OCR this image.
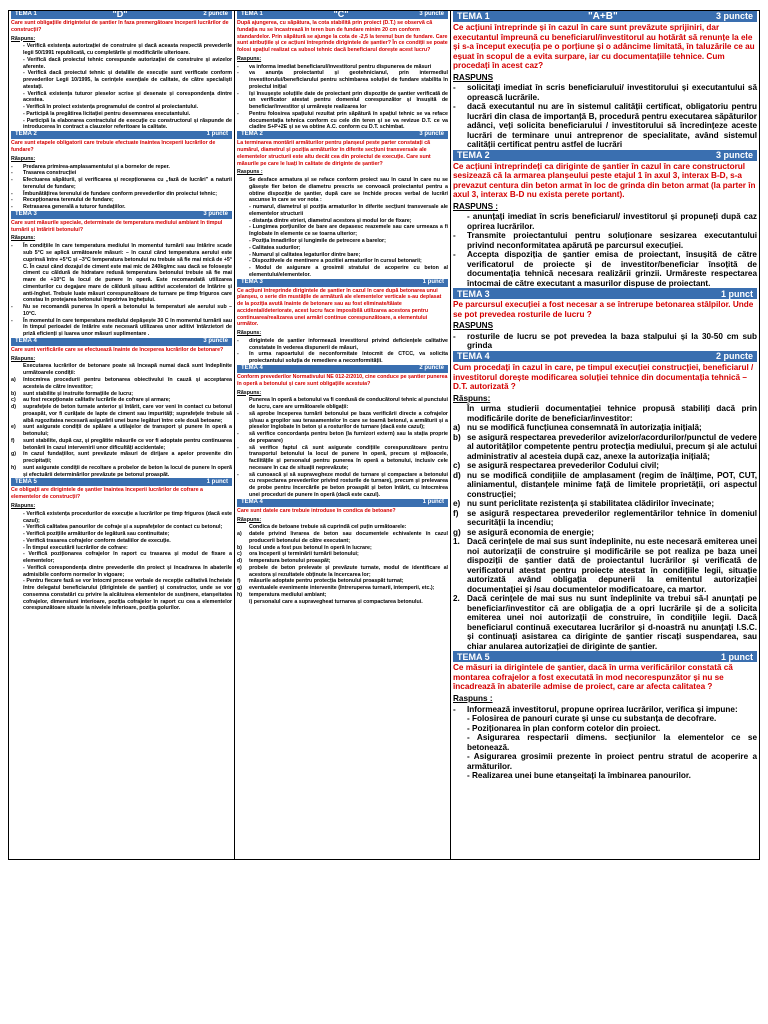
TEMA 1	"D"	2 puncte
Care sunt obligațiile dirigintelui de șantier în faza premergătoare începerii lucrărilor de construcții?
Răspuns:
- Verifică existența autorizației de construire și dacă aceasta respectă prevederile legii 50/1991 republicată, cu completările și modificările ulterioare.
- Verifică dacă proiectul tehnic corespunde autorizației de construire și avizelor aferente.
- Verifică dacă proiectul tehnic și detaliile de execuție sunt verificate conform prevederilor Legii 10/1995, la cerințele esențiale de calitate, de către specialiști atestați.
- Verifică existența tuturor pieselor scrise și desenate și corespondența dintre acestea.
- Verifică în proiect existența programului de control al proiectantului.
- Participă la pregătirea licitației pentru desemnarea executantului.
- Participă la elaborarea contractului de execuție cu constructorul și răspunde de introducerea în contract a clauzelor referitoare la calitate.
TEMA 2	1 punct
Care sunt etapele obligatorii care trebuie efectuate înaintea începerii lucrărilor de fundare?
Răspuns:
-	Predarea primirea-amplasamentului și a bornelor de reper.
-	Trasarea construcției
-	Efectuarea săpăturii, și verificarea și recepționarea cu „fază de lucrări” a naturii terenului de fundare;
-	Îmbunătățirea terenului de fundare conform prevederilor din proiectul tehnic;
-	Recepționarea terenului de fundare;
-	Retrasarea generală a tuturor fundațiilor.
TEMA 3	3 puncte
Care sunt măsurile speciale, determinate de temperatura mediului ambiant în timpul turnării și întăririi betonului?
Răspuns:
-	În condițiile în care temperatura mediului în momentul turnării sau întărire scade sub 5°C se aplică următoarele măsuri: – în cazul când temperatura aerului este cuprinsă între +5°C și –3°C temperatura betonului nu trebuie să fie mai mică de +5° C. În cazul când dozajul de ciment este mai mic de 240kg/mc sau dacă se folosește ciment cu căldură de hidratare redusă temperatura betonului trebuie să fie mai mare de +10°C la locul de punere în operă. Este recomandată utilizarea cimenturilor cu degajare mare de căldură și/sau aditivi acceleratori de întărire și anti-înghet. Trebuie luate măsuri corespunzătoare de turnare pe timp friguros care constau în protejarea betonului împotriva înghețului.
-	Nu se recomandă punerea în operă a betonului la temperaturi ale aerului sub –10°C.
-	În momentul în care temperatura mediului depășește 30 C în momentul turnării sau în timpul perioadei de întărire este necesară utilizarea unor aditivi întârzietori de priză eficienți și luarea unor măsuri suplimentare .
TEMA 4	3 puncte
Care sunt verificările care se efectuează înainte de începerea lucrărilor de betonare?
Răspuns:
Executarea lucrărilor de betonare poate să înceapă numai dacă sunt îndeplinite următoarele condiții:
a)	întocmirea procedurii pentru betonarea obiectivului în cauză și acceptarea acesteia de către investitor;
b)	sunt stabilite și instruite formațiile de lucru;
c)	au fost recepționate calitativ lucrările de cofrare și armare;
d)	suprafețele de beton turnate anterior și întărit, care vor veni în contact cu betonul proaspăt, vor fi curățate de lapte de ciment sau impurități; suprafețele trebuie să aibă rugozitatea necesară asigurării unei bune legături între cele două betoane;
e)	sunt asigurate condiții de spălare a utilajelor de transport și punere în operă a betonului;
f)	sunt stabilite, după caz, și pregătite măsurile ce vor fi adoptate pentru continuarea betonării în cazul intervenirii unor dificultăți accidentale;
g)	în cazul fundațiilor, sunt prevăzute măsuri de dirijare a apelor provenite din precipitații;
h)	sunt asigurate condiții de recoltare a probelor de beton la locul de punere în operă și efectuării determinărilor prevăzute pe betonul proaspăt.
TEMA 5	1 punct
Ce obligații are dirigintele de șantier înaintea începerii lucrărilor de cofrare a elementelor de construcții?
Răspuns:
- Verifică existența procedurilor de execuție a lucrărilor pe timp friguros (dacă este cazul);
- Verifică calitatea panourilor de cofraje și a suprafețelor de contact cu betonul;
- Verifică pozițiile armăturilor de legătură sau continuitate;
- Verifică trasarea cofrajelor conform detaliilor de execuție.
- În timpul executării lucrărilor de cofrare:
- Verifică poziționarea cofrajelor în raport cu trasarea și modul de fixare a elementelor;
- Verifică corespondența dintre prevederile din proiect și încadrarea în abaterile admisibile conform normelor în vigoare;
- Pentru fiecare fază se vor întocmi procese verbale de recepție calitativă încheiate între delegatul beneficiarului (dirigintele de șantier) și constructor, unde se vor consemna constatări cu privire la alcătuirea elementelor de susținere, etanșeitatea cofrajelor, dimensiuni interioare, poziția cofrajelor în raport cu cea a elementelor corespunzătoare situate la nivelele inferioare, poziția golurilor.
TEMA 1	"C"	3 puncte
După ajungerea, cu săpătura, la cota stabilită prin proiect (D.T.) se observă că fundația nu se încastrează în teren bun de fundare minim 20 cm conform standardelor. Prin săpătură se ajunge la cota de -2,5 la terenul bun de fundare. Care sunt atribuțiile și ce acțiuni întreprinde dirigintele de șantier? În ce condiții se poate folosi spațiul realizat ca subsol tehnic dacă beneficiarul dorește acest lucru?
Raspuns:
-	va informa imediat beneficiarul/investitorul pentru dispunerea de măsuri
-	va anunța proiectantul și geotehnicianul, prin intermediul investitorului/beneficiarului pentru schimbarea soluției de fundare stabilita în proiectul inițial
-	își însușește soluțiile date de proiectant prin dispoziție de șantier verificată de un verificator atestat pentru domeniul corespunzător și însușită de beneficiar/investitor și urmărește realizarea lor
-	Pentru folosirea spațiului rezultat prin săpătură în spațiul tehnic se va reface documentația tehnica conform cu cele din teren și se va revizue D.T. ce va cladire S+P+2E și se va obtine A.C. conform cu D.T. schimbat.
TEMA 2	3 puncte
La terminarea montării armăturilor pentru planșeul peste parter constatați că numărul, diametrul și poziția armăturilor în diferite secțiuni transversale ale elementelor structurii este altu decât cea din proiectul de execuție. Care sunt măsurile pe care le luați în calitate de diriginte de șantier?
Raspuns :
Se desface armatura și se reface conform proiect sau în cazul în care nu se găsește fier beton de diametru prescris se convoacă proiectantul pentru a obtine dispoziție de șantier, după care se închide proces verbal de lucrări ascunse în care se vor nota :
- numarul, diametrul și poziția armaturilor în diferite secțiuni transversale ale elementelor structurii
- distanța dintre etrieri, diametrul acestora și modul lor de fixare;
- Lungimea porțiunilor de bare are depasesc reazemele sau care urmeaza a fi înglobate în elemente ce se toarna ulterior;
- Poziția înnadirilor și lungimile de petrecere a barelor;
- Calitatea sudurilor;
- Numarul și calitatea legaturilor dintre bare;
- Dispozitivele de mentinere a pozitiei armaturilor în cursul betonarii;
- Modul de asigurare a grosimii stratului de acoperire cu beton al elementului/elementelor.
TEMA 3	1 punct
Ce acțiuni întreprinde dirigintele de șantier în cazul în care după betonarea unui planșeu, o serie din mustățile de armătură ale elementelor verticale s-au deplasat de la poziția avută înainte de betonare sau au fost eliminate/tăiate accidental/deteriorate, acest lucru face imposibilă utilizarea acestora pentru continuarea/realizarea unei armări continue corespunzătoare, a elementului următor.
Răspuns:
-	dirigintele de șantier informează investitorul privind deficiențele calitative constatate în vederea dispunerii de măsuri,
-	în urma rapoartului de neconformitate întocmit de CTCC, va solicita proiectantului soluția de remediere a neconformității.
TEMA 4	2 puncte
Conform prevederilor Normativului NE 012-2/2010, cine conduce pe șantier punerea în operă a betonului și care sunt obligațiile acestuia?
Răspuns:
Punerea în operă a betonului va fi condusă de conducătorul tehnic al punctului de lucru, care are următoarele obligații:
-	să aprobe începerea turnării betonului pe baza verificării directe a cofrajelor și/sau a gropilor sau terasamentelor în care se toarnă betonul, a armăturii și a pieselor înglobate în beton și a rosturilor de turnare (dacă este cazul);
-	să verifice concordanța pentru beton (la furnizori extern) sau la stația proprie de preparare)
-	să verifice faptul că sunt asigurate condițiile corespunzătoare pentru transportul betonului la locul de punere în operă, precum și mijloacele, facilitățile și personalul pentru punerea în operă a betonului, inclusiv cele necesare în caz de situații neprevăzute;
-	să cunoască și să supravegheze modul de turnare și compactare a betonului cu respectarea prevederilor privind rosturile de turnare), precum și prelevarea de probe pentru încercările pe beton proaspăt și beton întărit, cu întocmirea unei proceduri de punere în operă (dacă este cazul).
TEMA 4	1 punct
Care sunt datele care trebuie introduse în condica de betoane?
Răspuns:
Condica de betoane trebuie să cuprindă cel puțin următoarele:
a)	datele privind livrarea de beton sau documentele echivalente în cazul producerii betonului de către executant;
b)	locul unde a fost pus betonul în operă în lucrare;
c)	ora începerii și terminării turnării betonului;
d)	temperatura betonului proaspăt;
e)	probele de beton prelevate și prevăzute turnate, modul de identificare al acestora și rezultatele obținute la încercarea lor;
f)	măsurile adoptate pentru protecția betonului proaspăt turnat;
g)	eventualele evenimente intervenite (întreruperea turnarii, intemperii, etc.);
h)	temperatura mediului ambiant;
i) personalul care a supravegheat turnarea și compactarea betonului.
TEMA 1	"A+B"	3 puncte
Ce acțiuni întreprinde și în cazul în care sunt prevăzute sprijiniri, dar executantul împreună cu beneficiarul/investitorul au hotărât să renunțe la ele și s-a început execuția pe o porțiune și o adâncime limitată, în taluzările ce au eșuat în scopul de a evita surpare, iar cu documentațiile tehnice. Cum procedați în acest caz?
RASPUNS
-	solicitați imediat în scris beneficiarului/ investitorului și executantului să oprească lucrările.
-	dacă executantul nu are în sistemul calității certificat, obligatoriu pentru lucrări din clasa de importanță B, procedură pentru executarea săpăturilor adânci, veți solicita beneficiarului / investitorului să încredințeze aceste lucrări de terminare unui antreprenor de specialitate, având sistemul calității certificat pentru astfel de lucrări
TEMA 2	3 puncte
Ce acțiuni întreprindeți ca diriginte de șantier în cazul în care constructorul sesizează că la armarea planșeului peste etajul 1 în axul 3, interax B-D, s-a prevazut centura din beton armat în loc de grinda din beton armat (la parter în axul 3, interax B-D nu exista perete portant).
RASPUNS :
- anunțați imediat în scris beneficiarul/ investitorul și propuneți după caz oprirea lucrărilor.
-	Transmite proiectantului pentru soluționare sesizarea executantului privind neconformitatea apărută pe parcursul execuției.
-	Accepta dispoziția de șantier emisa de proiectant, însușită de către verificatorul de proiecte și de investitor/beneficiar însoțită de documentația tehnică necesara realizării grinzii. Urmăreste respectarea întocmai de către executant a masurilor dispuse de proiectant.
TEMA 3	1 punct
Pe parcursul execuției a fost necesar a se întrerupe betonarea stâlpilor. Unde se pot prevedea rosturile de lucru ?
RASPUNS
-	rosturile de lucru se pot prevedea la baza stalpului și la 30-50 cm sub grinda
TEMA 4	2 puncte
Cum procedați în cazul în care, pe timpul execuției construcției, beneficiarul / investitorul dorește modificarea soluției tehnice din documentația tehnică – D.T. autorizată ?
Răspuns:
În urma studierii documentației tehnice propusă stabiliți dacă prin modificările dorite de beneficiar/investitor:
a) nu se modifică funcțiunea consemnată în autorizația inițială;
b) se asigură respectarea prevederilor avizelor/acordurilor/punctul de vedere al autorităților competente pentru protecția mediului, precum și ale actului administrativ al acesteia după caz, anexe la autorizația inițială;
c) se asigură respectarea prevederilor Codului civil;
d) nu se modifică condițiile de amplasament (regim de înălțime, POT, CUT, aliniamentul, distanțele minime față de limitele proprietății, ori aspectul construcției;
e) nu sunt periclitate rezistența și stabilitatea clădirilor învecinate;
f)	se asigură respectarea prevederilor reglementărilor tehnice în domeniul securității la incendiu;
g) se asigură economia de energie;
1. Dacă cerințele de mai sus sunt îndeplinite, nu este necesară emiterea unei noi autorizații de construire și modificările se pot realiza pe baza unei dispoziții de șantier dată de proiectantul lucrărilor și verificată de verificatorul atestat pentru proiecte atestat în condițiile legii, situație autorizată având obligația depunerii la emitentul autorizației documentației și /sau documentelor modificatoare, ca martor.
2. Dacă cerințele de mai sus nu sunt îndeplinite va trebui să-l anunțați pe beneficiar/investitor că are obligația de a opri lucrările și de a solicita emiterea unei noi autorizații de construire, în condițiile legii. Dacă beneficiarul continuă executarea lucrărilor și d-noastră nu anunțați I.S.C. și continuați asistarea ca diriginte de șantier riscați suspendarea, sau chiar anularea autorizației de diriginte de șantier.
TEMA 5	1 punct
Ce măsuri ia dirigintele de șantier, dacă în urma verificărilor constată că montarea cofrajelor a fost executată în mod necorespunzător și nu se încadrează în abaterile admise de proiect, care ar afecta calitatea ?
Raspuns :
-	Informează investitorul, propune oprirea lucrărilor, verifica și impune:
- Folosirea de panouri curate și unse cu substanța de decofrare.
- Poziționarea în plan conform cotelor din proiect.
- Asigurarea respectarii dimens. secțiunilor la elementelor ce se betonează.
- Asigurarea grosimii prezente în proiect pentru stratul de acoperire a armăturilor.
- Realizarea unei bune etanșeitați la îmbinarea panourilor.
